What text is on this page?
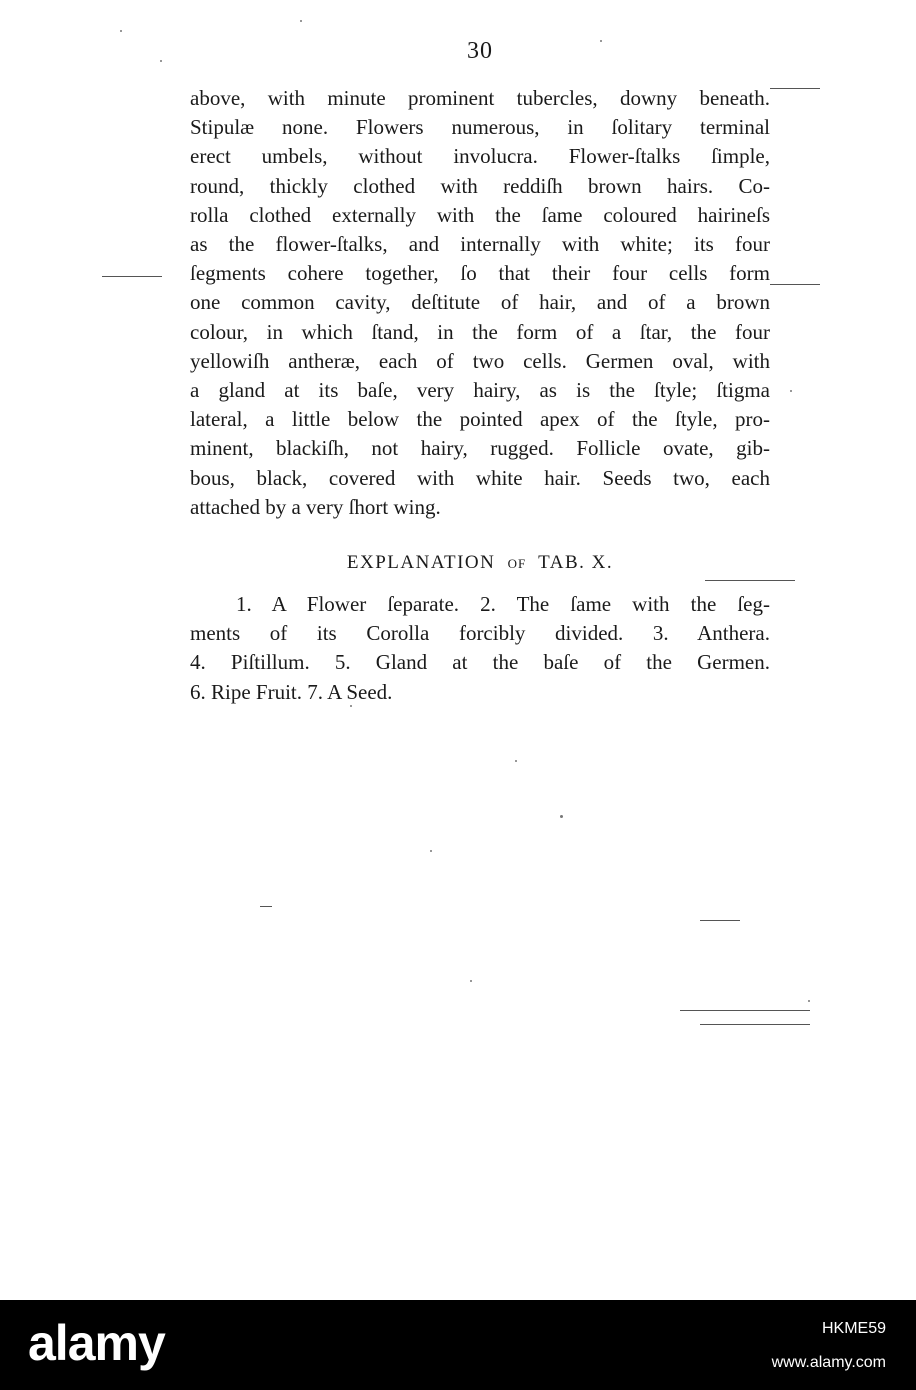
30
above, with minute prominent tubercles, downy beneath.
Stipulæ none. Flowers numerous, in ſolitary terminal
erect umbels, without involucra. Flower-ſtalks ſimple,
round, thickly clothed with reddiſh brown hairs. Co-
rolla clothed externally with the ſame coloured hairineſs
as the flower-ſtalks, and internally with white; its four
ſegments cohere together, ſo that their four cells form
one common cavity, deſtitute of hair, and of a brown
colour, in which ſtand, in the form of a ſtar, the four
yellowiſh antheræ, each of two cells. Germen oval, with
a gland at its baſe, very hairy, as is the ſtyle; ſtigma
lateral, a little below the pointed apex of the ſtyle, pro-
minent, blackiſh, not hairy, rugged. Follicle ovate, gib-
bous, black, covered with white hair. Seeds two, each
attached by a very ſhort wing.
EXPLANATION OF TAB. X.
1. A Flower ſeparate. 2. The ſame with the ſeg-
ments of its Corolla forcibly divided. 3. Anthera.
4. Piſtillum. 5. Gland at the baſe of the Germen.
6. Ripe Fruit. 7. A Seed.
alamy	HKME59
www.alamy.com
